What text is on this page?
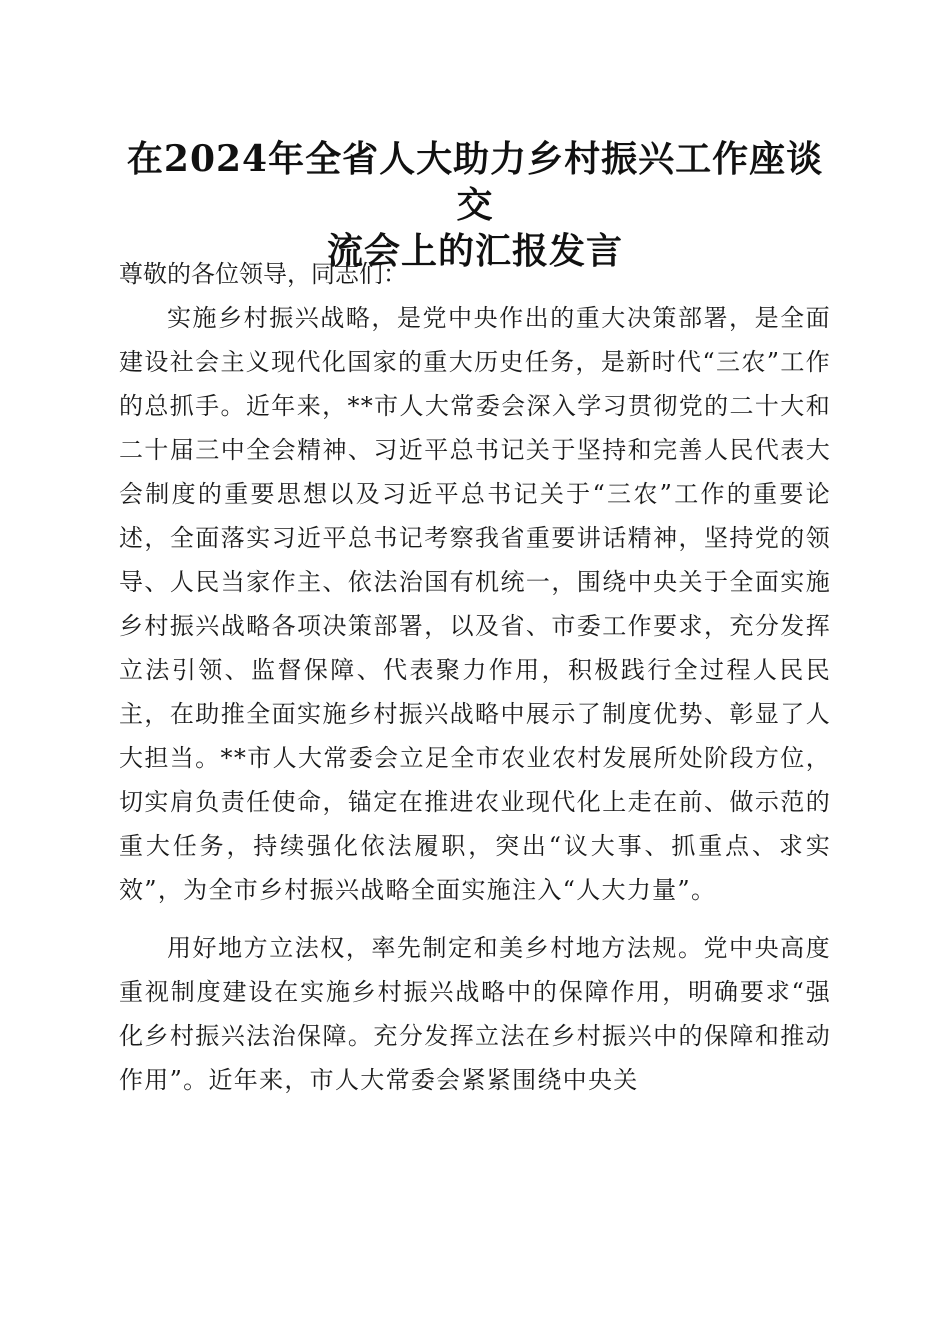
在2024年全省人大助力乡村振兴工作座谈交
流会上的汇报发言

尊敬的各位领导，同志们：

实施乡村振兴战略，是党中央作出的重大决策部署，是全面建设社会主义现代化国家的重大历史任务，是新时代“三农”工作的总抓手。近年来，**市人大常委会深入学习贯彻党的二十大和二十届三中全会精神、习近平总书记关于坚持和完善人民代表大会制度的重要思想以及习近平总书记关于“三农”工作的重要论述，全面落实习近平总书记考察我省重要讲话精神，坚持党的领导、人民当家作主、依法治国有机统一，围绕中央关于全面实施乡村振兴战略各项决策部署，以及省、市委工作要求，充分发挥立法引领、监督保障、代表聚力作用，积极践行全过程人民民主，在助推全面实施乡村振兴战略中展示了制度优势、彰显了人大担当。**市人大常委会立足全市农业农村发展所处阶段方位，切实肩负责任使命，锚定在推进农业现代化上走在前、做示范的重大任务，持续强化依法履职，突出“议大事、抓重点、求实效”，为全市乡村振兴战略全面实施注入“人大力量”。

用好地方立法权，率先制定和美乡村地方法规。党中央高度重视制度建设在实施乡村振兴战略中的保障作用，明确要求“强化乡村振兴法治保障。充分发挥立法在乡村振兴中的保障和推动作用”。近年来，市人大常委会紧紧围绕中央关
